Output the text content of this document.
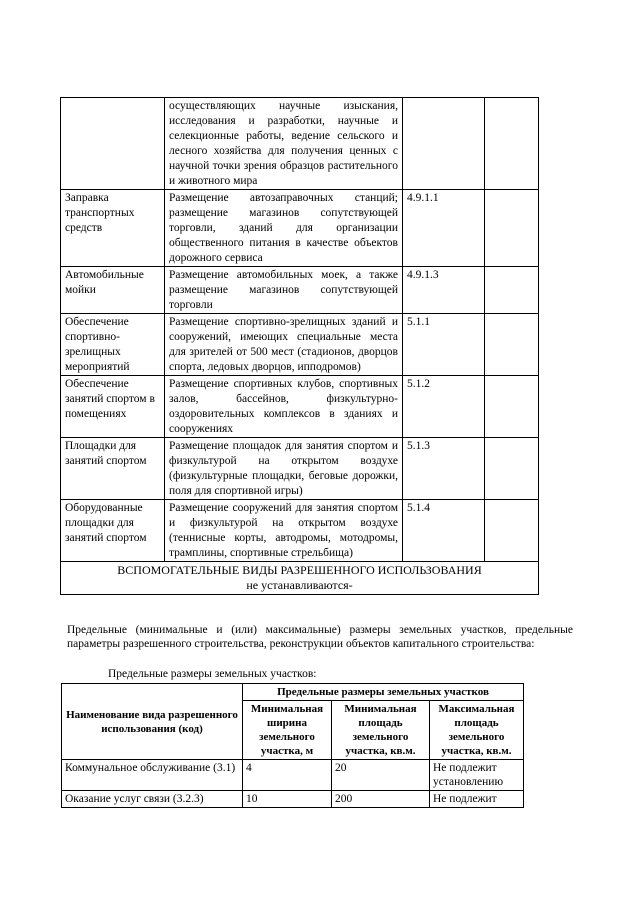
	осуществляющих научные изыскания, исследования и разработки, научные и селекционные работы, ведение сельского и лесного хозяйства для получения ценных с научной точки зрения образцов растительного и животного мира		
Заправка транспортных средств	Размещение автозаправочных станций; размещение магазинов сопутствующей торговли, зданий для организации общественного питания в качестве объектов дорожного сервиса	4.9.1.1	
Автомобильные мойки	Размещение автомобильных моек, а также размещение магазинов сопутствующей торговли	4.9.1.3	
Обеспечение спортивно-зрелищных мероприятий	Размещение спортивно-зрелищных зданий и сооружений, имеющих специальные места для зрителей от 500 мест (стадионов, дворцов спорта, ледовых дворцов, ипподромов)	5.1.1	
Обеспечение занятий спортом в помещениях	Размещение спортивных клубов, спортивных залов, бассейнов, физкультурно-оздоровительных комплексов в зданиях и сооружениях	5.1.2	
Площадки для занятий спортом	Размещение площадок для занятия спортом и физкультурой на открытом воздухе (физкультурные площадки, беговые дорожки, поля для спортивной игры)	5.1.3	
Оборудованные площадки для занятий спортом	Размещение сооружений для занятия спортом и физкультурой на открытом воздухе (теннисные корты, автодромы, мотодромы, трамплины, спортивные стрельбища)	5.1.4	

ВСПОМОГАТЕЛЬНЫЕ ВИДЫ РАЗРЕШЕННОГО ИСПОЛЬЗОВАНИЯ
не устанавливаются-			
Предельные (минимальные и (или) максимальные) размеры земельных участков, предельные параметры разрешенного строительства, реконструкции объектов капитального строительства:
Предельные размеры земельных участков:
Наименование вида разрешенного использования (код)	Предельные размеры земельных участков		
	Минимальная ширина земельного участка, м	Минимальная площадь земельного участка, кв.м.	Максимальная площадь земельного участка, кв.м.
Коммунальное обслуживание (3.1)	4	20	Не подлежит установлению
Оказание услуг связи (3.2.3)	10	200	Не подлежит
